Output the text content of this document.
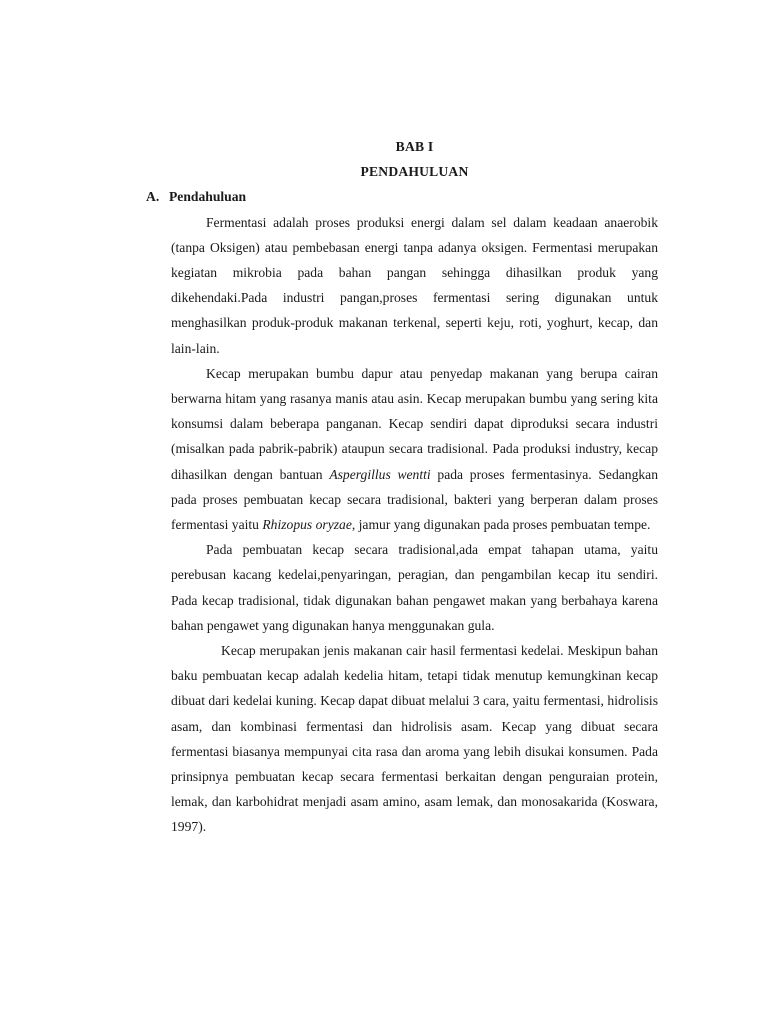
BAB I
PENDAHULUAN
A. Pendahuluan

Fermentasi adalah proses produksi energi dalam sel dalam keadaan anaerobik (tanpa Oksigen) atau pembebasan energi tanpa adanya oksigen. Fermentasi merupakan kegiatan mikrobia pada bahan pangan sehingga dihasilkan produk yang dikehendaki.Pada industri pangan,proses fermentasi sering digunakan untuk menghasilkan produk-produk makanan terkenal, seperti keju, roti, yoghurt, kecap, dan lain-lain.

Kecap merupakan bumbu dapur atau penyedap makanan yang berupa cairan berwarna hitam yang rasanya manis atau asin. Kecap merupakan bumbu yang sering kita konsumsi dalam beberapa panganan. Kecap sendiri dapat diproduksi secara industri (misalkan pada pabrik-pabrik) ataupun secara tradisional. Pada produksi industry, kecap dihasilkan dengan bantuan Aspergillus wentti pada proses fermentasinya. Sedangkan pada proses pembuatan kecap secara tradisional, bakteri yang berperan dalam proses fermentasi yaitu Rhizopus oryzae, jamur yang digunakan pada proses pembuatan tempe.

Pada pembuatan kecap secara tradisional,ada empat tahapan utama, yaitu perebusan kacang kedelai,penyaringan, peragian, dan pengambilan kecap itu sendiri. Pada kecap tradisional, tidak digunakan bahan pengawet makan yang berbahaya karena bahan pengawet yang digunakan hanya menggunakan gula.

Kecap merupakan jenis makanan cair hasil fermentasi kedelai. Meskipun bahan baku pembuatan kecap adalah kedelia hitam, tetapi tidak menutup kemungkinan kecap dibuat dari kedelai kuning. Kecap dapat dibuat melalui 3 cara, yaitu fermentasi, hidrolisis asam, dan kombinasi fermentasi dan hidrolisis asam. Kecap yang dibuat secara fermentasi biasanya mempunyai cita rasa dan aroma yang lebih disukai konsumen. Pada prinsipnya pembuatan kecap secara fermentasi berkaitan dengan penguraian protein, lemak, dan karbohidrat menjadi asam amino, asam lemak, dan monosakarida (Koswara, 1997).
